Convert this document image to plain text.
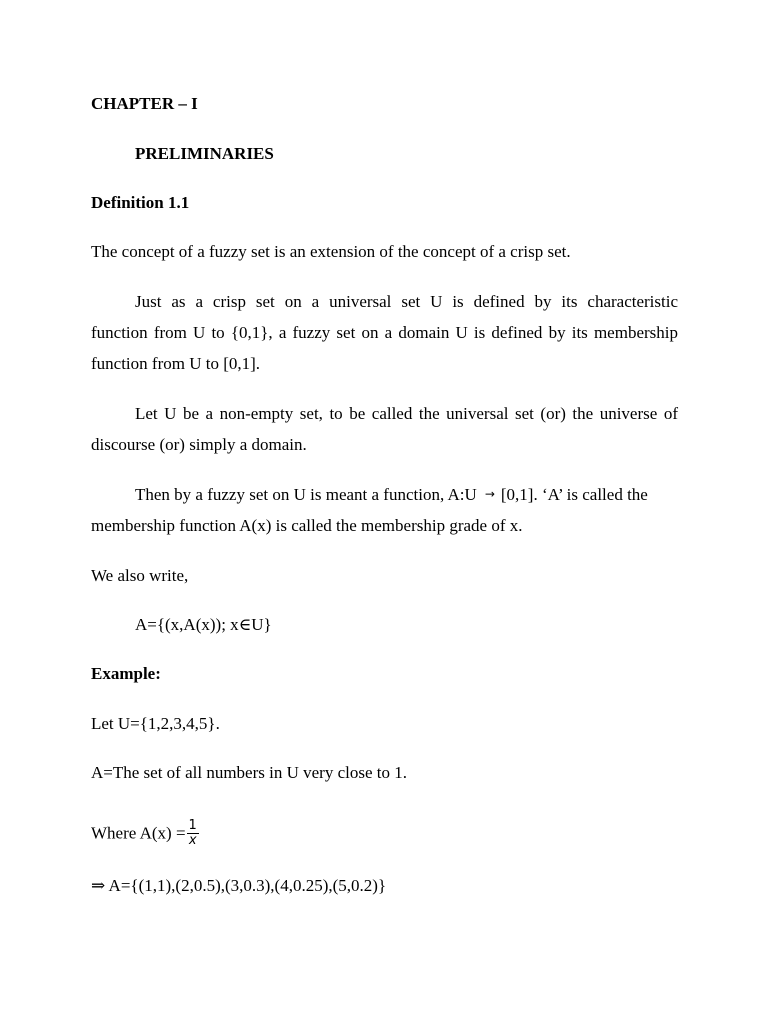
CHAPTER – I
PRELIMINARIES
Definition 1.1
The concept of a fuzzy set is an extension of the concept of a crisp set.
Just as a crisp set on a universal set U is defined by its characteristic
function from U to {0,1}, a fuzzy set on a domain U is defined by its membership
function from U to [0,1].
Let U be a non-empty set, to be called the universal set (or) the universe of
discourse (or) simply a domain.
Then by a fuzzy set on U is meant a function, A:U → [0,1]. ‘A’ is called the
membership function A(x) is called the membership grade of x.
We also write,
A={(x,A(x)); x∈U}
Example:
Let U={1,2,3,4,5}.
A=The set of all numbers in U very close to 1.
Where $A(x) = \frac{1}{x}$
⇒ A={(1,1),(2,0.5),(3,0.3),(4,0.25),(5,0.2)}
